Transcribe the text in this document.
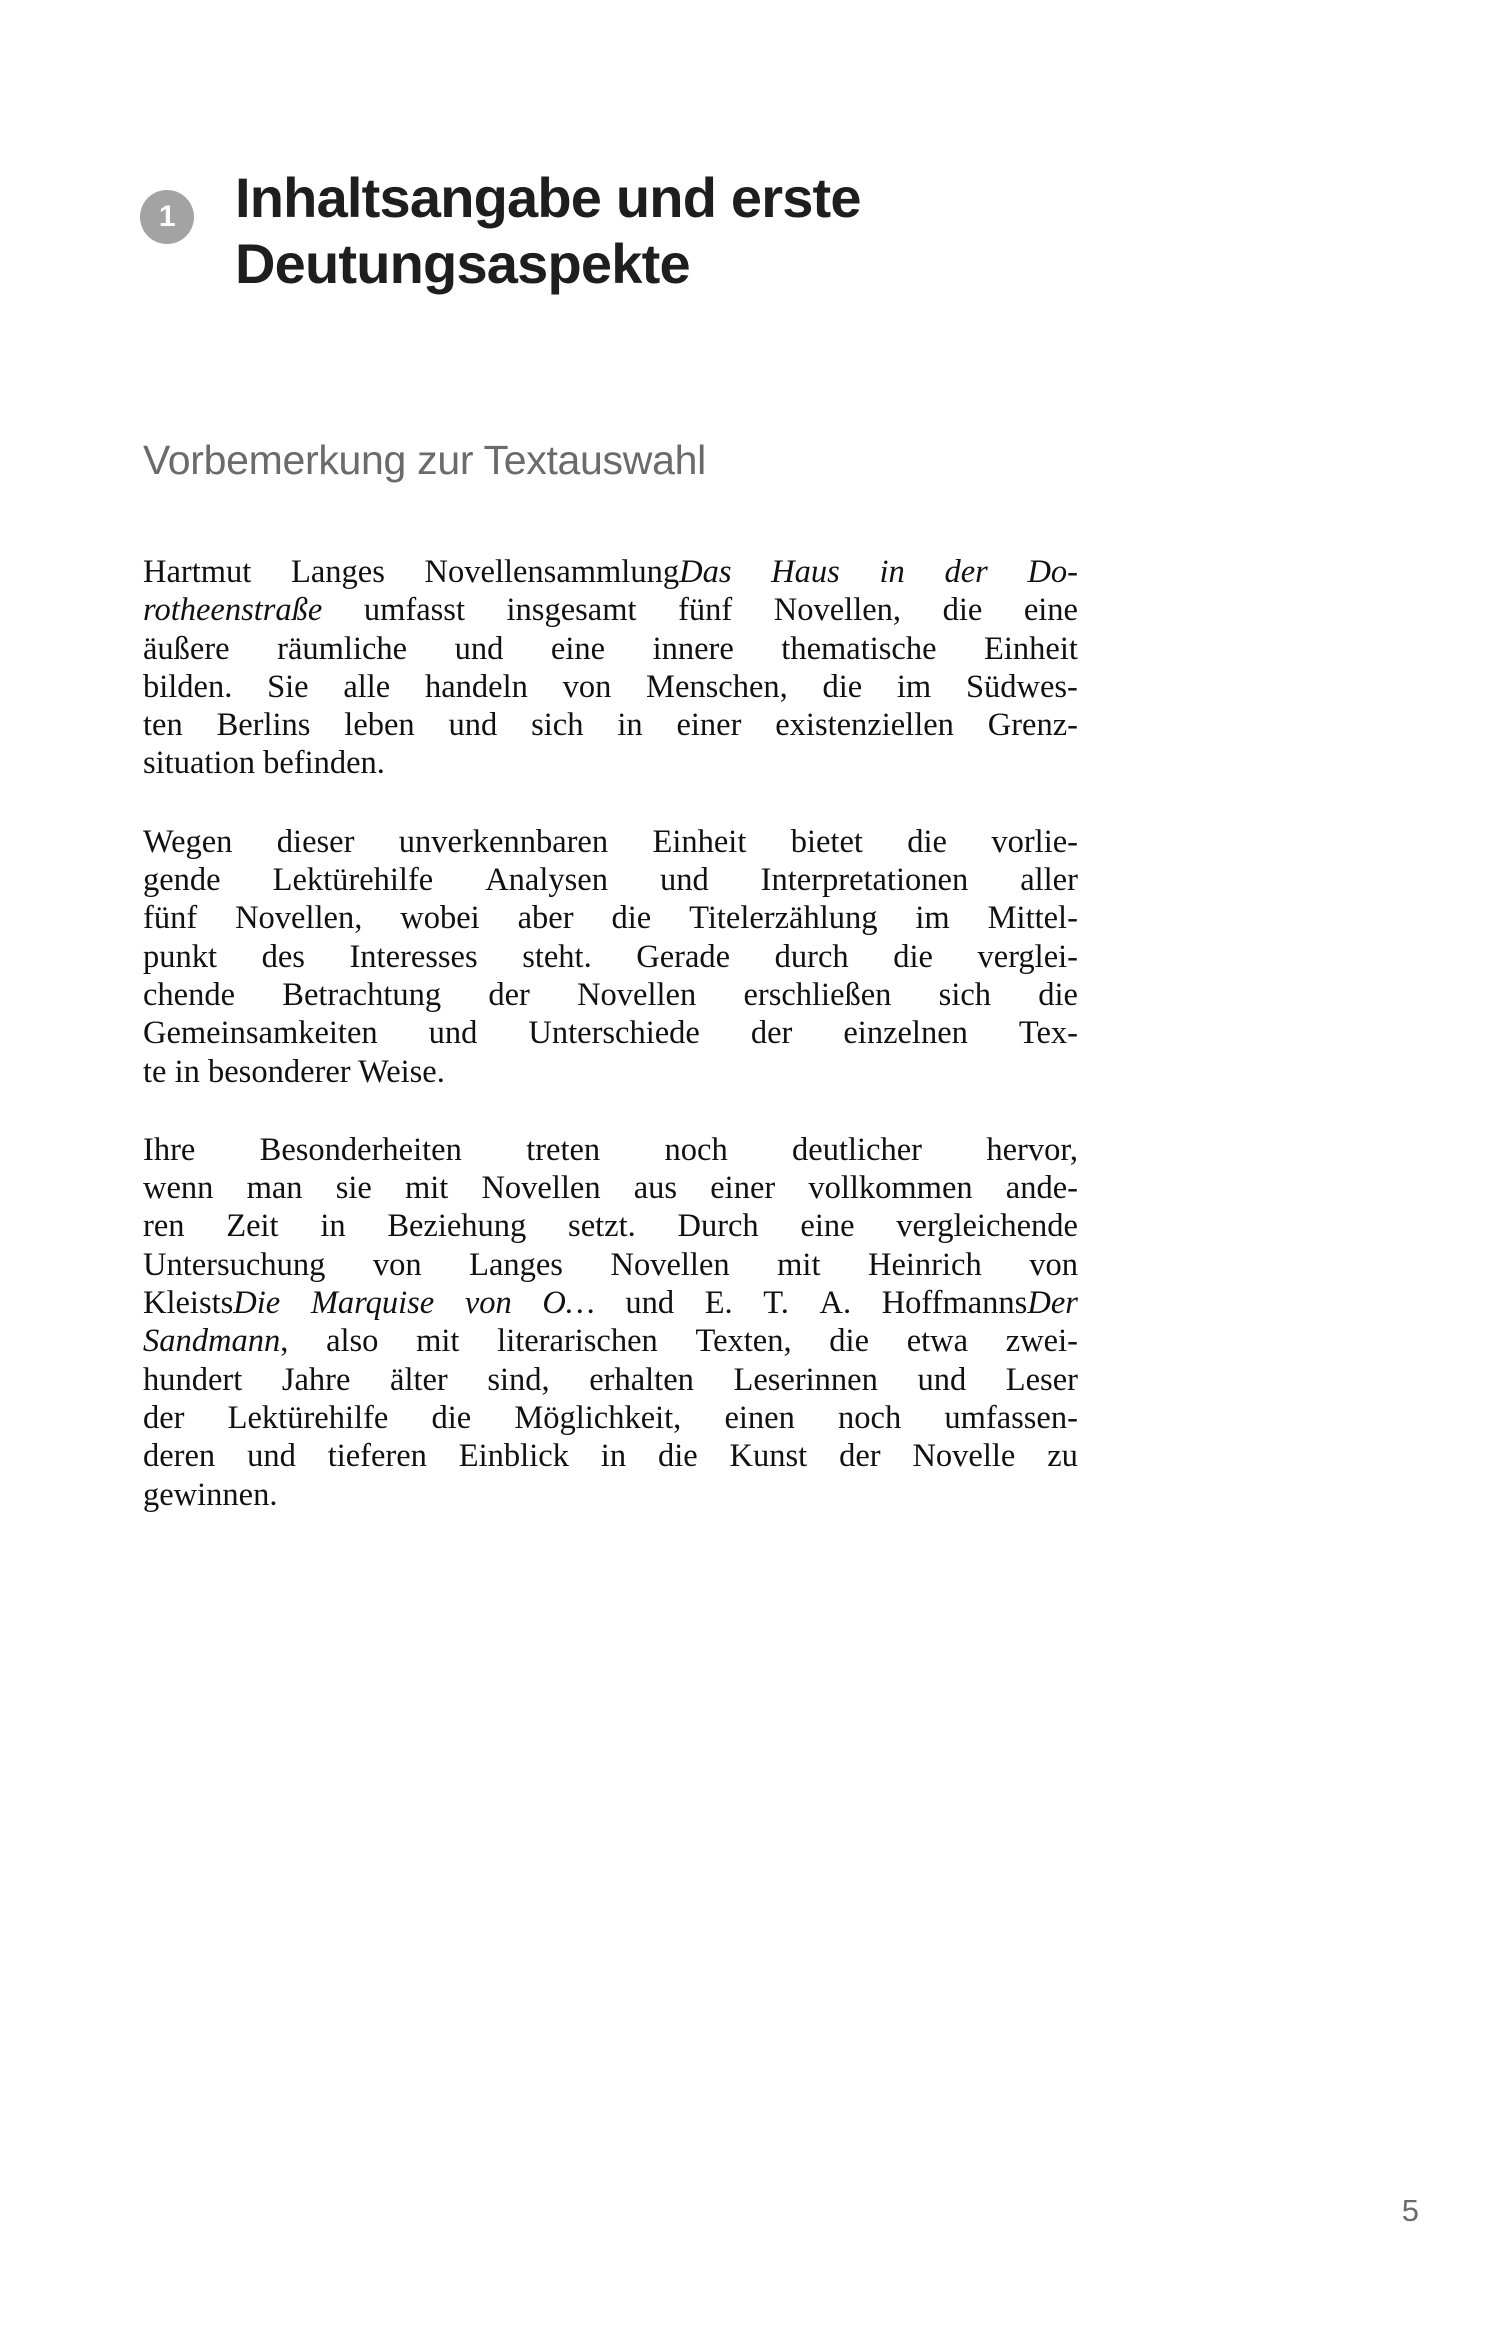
1	Inhaltsangabe und erste
Deutungsaspekte
Vorbemerkung zur Textauswahl

Hartmut Langes NovellensammlungDas Haus in der Do-
rotheenstraße umfasst insgesamt fünf Novellen, die eine
äußere räumliche und eine innere thematische Einheit
bilden. Sie alle handeln von Menschen, die im Südwes-
ten Berlins leben und sich in einer existenziellen Grenz-
situation befinden.

Wegen dieser unverkennbaren Einheit bietet die vorlie-
gende Lektürehilfe Analysen und Interpretationen aller
fünf Novellen, wobei aber die Titelerzählung im Mittel-
punkt des Interesses steht. Gerade durch die verglei-
chende Betrachtung der Novellen erschließen sich die
Gemeinsamkeiten und Unterschiede der einzelnen Tex-
te in besonderer Weise.

Ihre Besonderheiten treten noch deutlicher hervor,
wenn man sie mit Novellen aus einer vollkommen ande-
ren Zeit in Beziehung setzt. Durch eine vergleichende
Untersuchung von Langes Novellen mit Heinrich von
KleistsDie Marquise von O… und E. T. A. HoffmannsDer
Sandmann, also mit literarischen Texten, die etwa zwei-
hundert Jahre älter sind, erhalten Leserinnen und Leser
der Lektürehilfe die Möglichkeit, einen noch umfassen-
deren und tieferen Einblick in die Kunst der Novelle zu
gewinnen.

5
